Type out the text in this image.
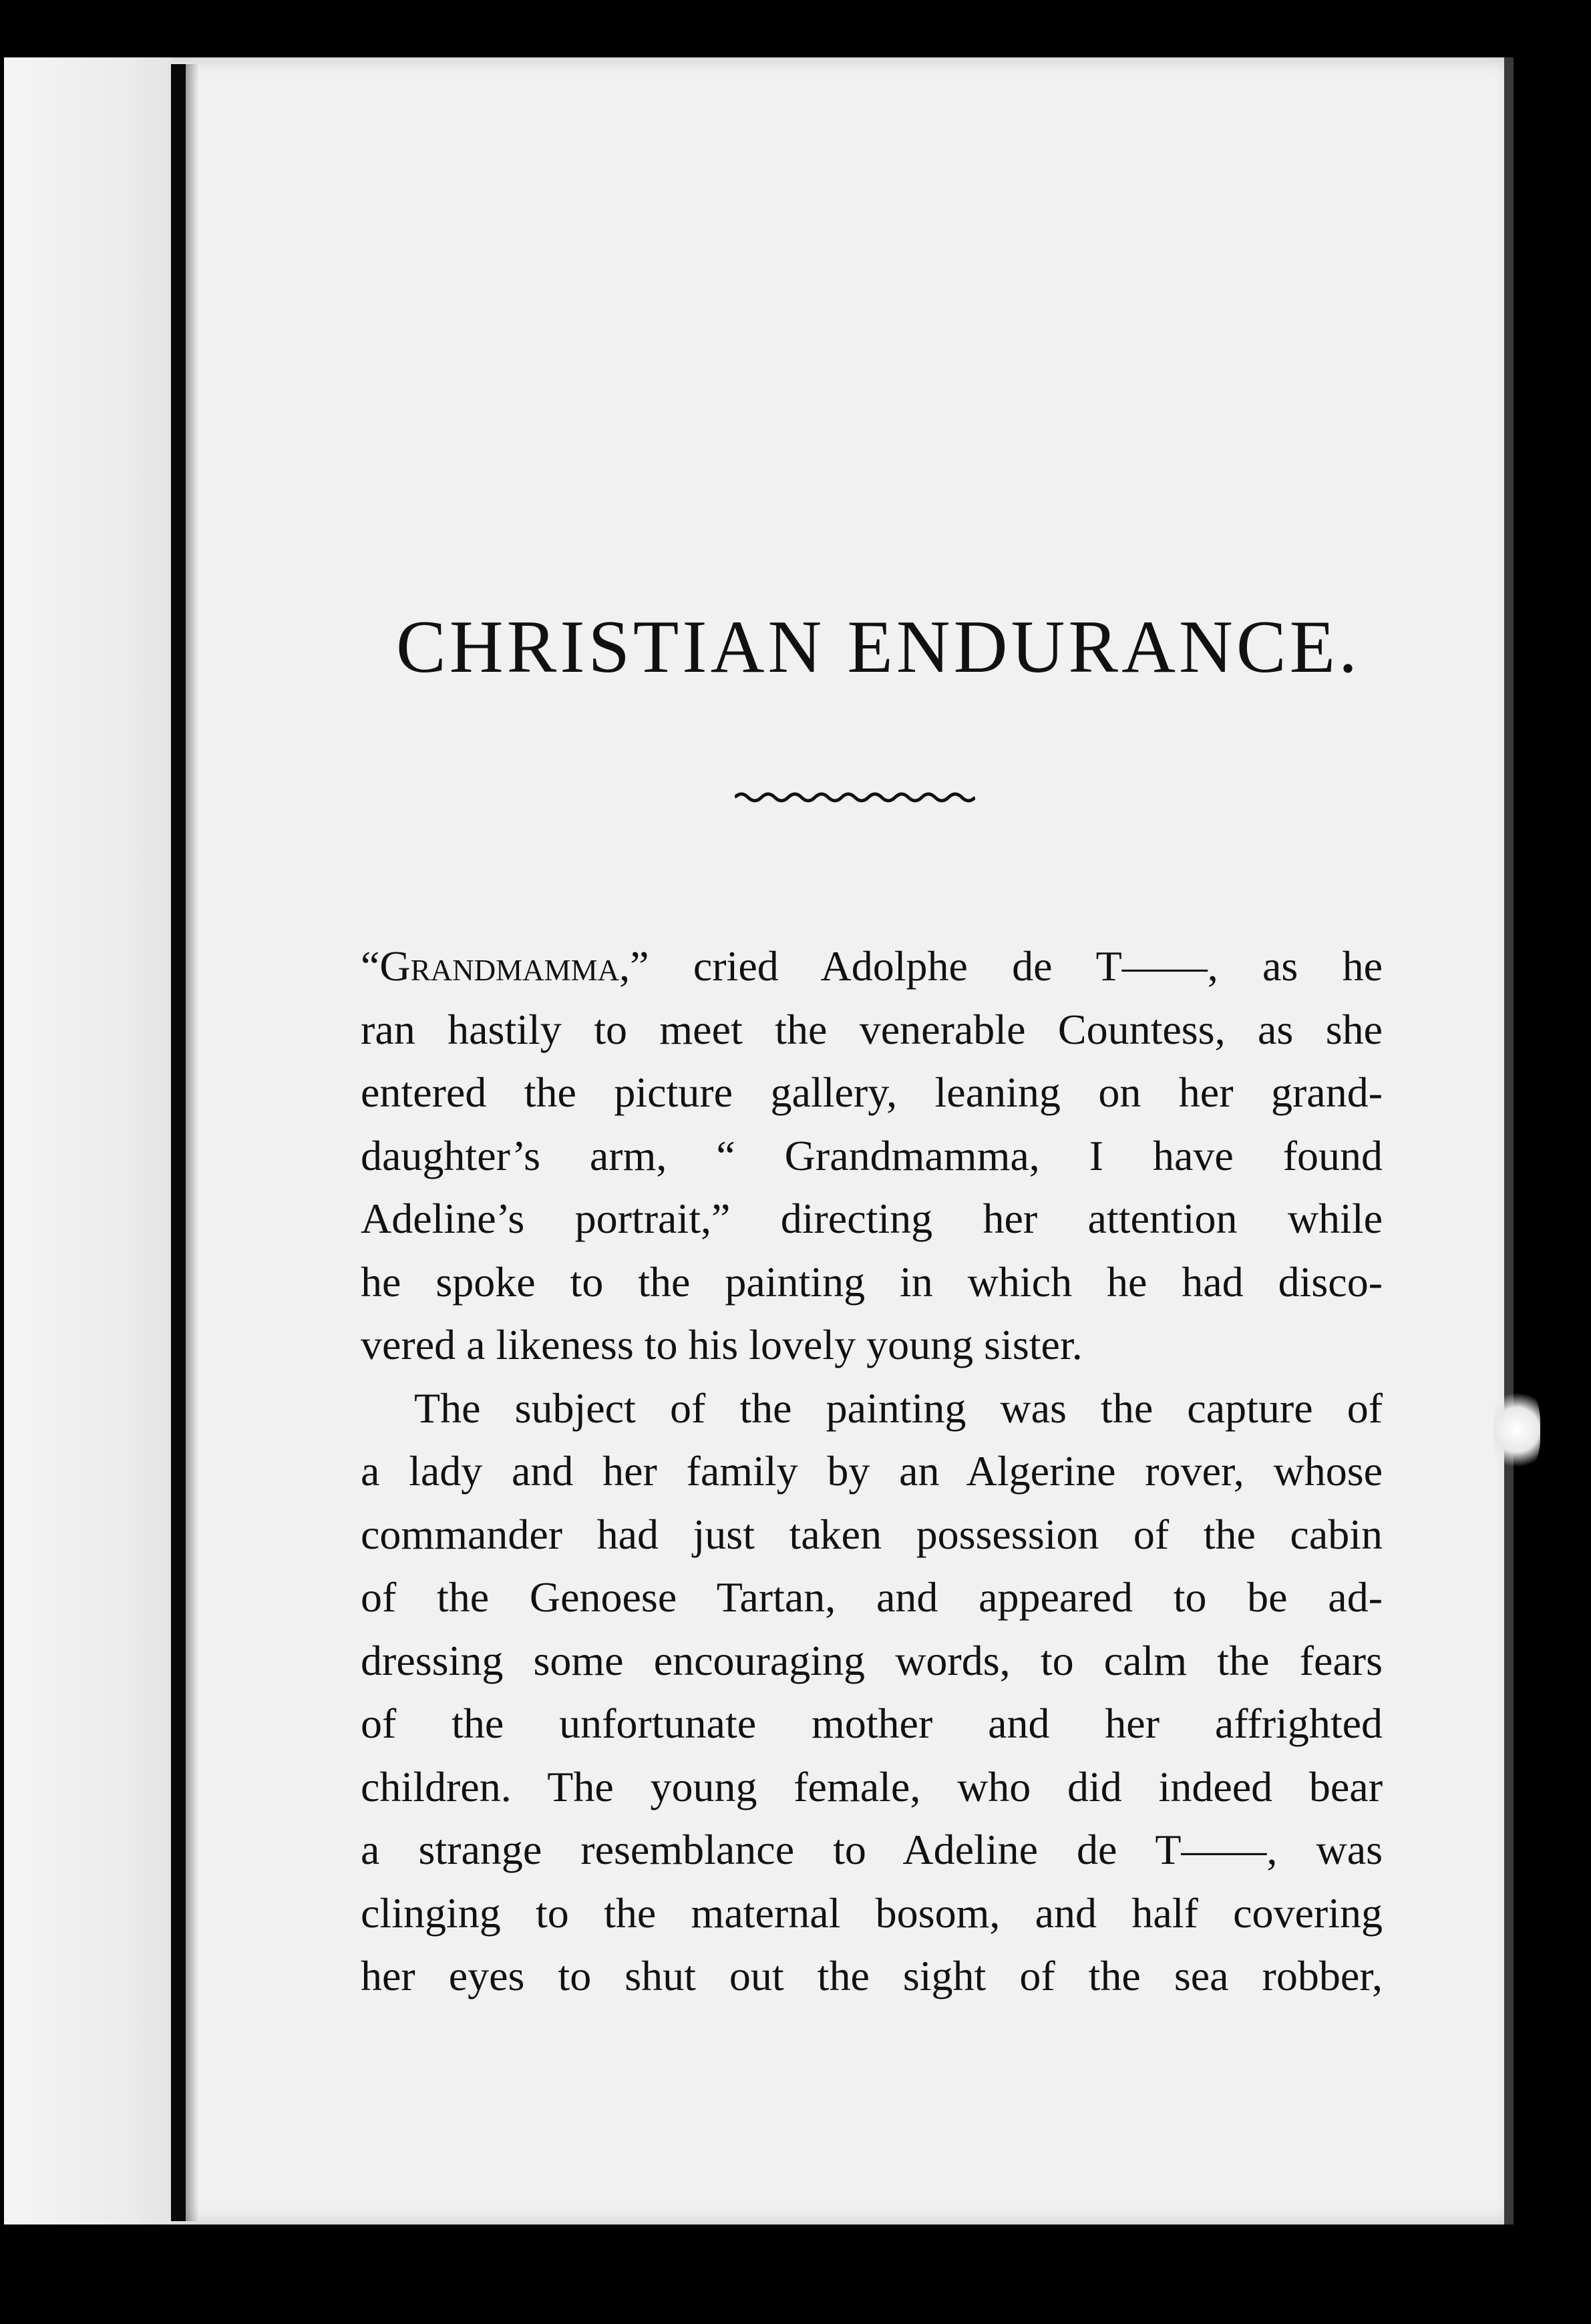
CHRISTIAN ENDURANCE.
“Grandmamma,” cried Adolphe de T——, as he
ran hastily to meet the venerable Countess, as she
entered the picture gallery, leaning on her grand-
daughter’s arm, “ Grandmamma, I have found
Adeline’s portrait,” directing her attention while
he spoke to the painting in which he had disco-
vered a likeness to his lovely young sister.
The subject of the painting was the capture of
a lady and her family by an Algerine rover, whose
commander had just taken possession of the cabin
of the Genoese Tartan, and appeared to be ad-
dressing some encouraging words, to calm the fears
of the unfortunate mother and her affrighted
children. The young female, who did indeed bear
a strange resemblance to Adeline de T——, was
clinging to the maternal bosom, and half covering
her eyes to shut out the sight of the sea robber,
